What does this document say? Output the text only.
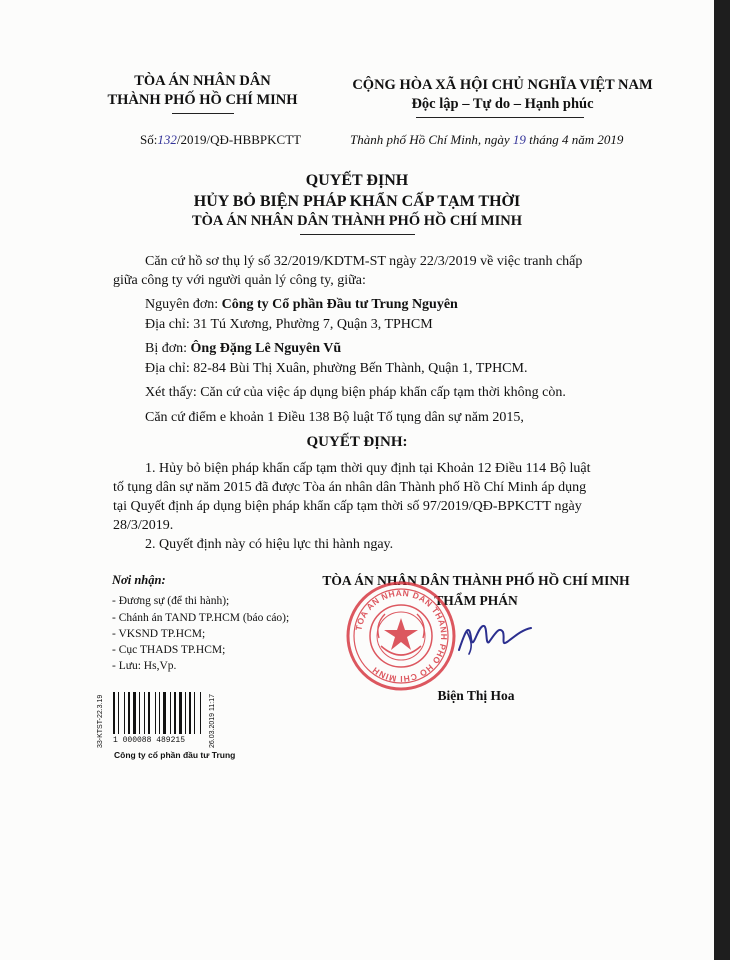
TÒA ÁN NHÂN DÂN
THÀNH PHỐ HỒ CHÍ MINH
CỘNG HÒA XÃ HỘI CHỦ NGHĨA VIỆT NAM
Độc lập – Tự do – Hạnh phúc
Số:132/2019/QĐ-HBBPKCTT	Thành phố Hồ Chí Minh, ngày 19 tháng 4 năm 2019
QUYẾT ĐỊNH
HỦY BỎ BIỆN PHÁP KHẨN CẤP TẠM THỜI
TÒA ÁN NHÂN DÂN THÀNH PHỐ HỒ CHÍ MINH
Căn cứ hồ sơ thụ lý số 32/2019/KDTM-ST ngày 22/3/2019 về việc tranh chấp
giữa công ty với người quản lý công ty, giữa:
Nguyên đơn: Công ty Cổ phần Đầu tư Trung Nguyên
Địa chỉ: 31 Tú Xương, Phường 7, Quận 3, TPHCM
Bị đơn: Ông Đặng Lê Nguyên Vũ
Địa chỉ: 82-84 Bùi Thị Xuân, phường Bến Thành, Quận 1, TPHCM.
Xét thấy: Căn cứ của việc áp dụng biện pháp khẩn cấp tạm thời không còn.
Căn cứ điểm e khoản 1 Điều 138 Bộ luật Tố tụng dân sự năm 2015,
QUYẾT ĐỊNH:
1. Hủy bỏ biện pháp khẩn cấp tạm thời quy định tại Khoản 12 Điều 114 Bộ luật
tố tụng dân sự năm 2015 đã được Tòa án nhân dân Thành phố Hồ Chí Minh áp dụng
tại Quyết định áp dụng biện pháp khẩn cấp tạm thời số 97/2019/QĐ-BPKCTT ngày
28/3/2019.
2. Quyết định này có hiệu lực thi hành ngay.
Nơi nhận:
- Đương sự (để thi hành);
- Chánh án TAND TP.HCM (báo cáo);
- VKSND TP.HCM;
- Cục THADS TP.HCM;
- Lưu: Hs,Vp.
TÒA ÁN NHÂN DÂN THÀNH PHỐ HỒ CHÍ MINH
THẨM PHÁN
TÒA ÁN NHÂN DÂN THÀNH PHỐ HỒ CHÍ MINH
Biện Thị Hoa
33-KTST-22.3.19 1 000088 489215	26.03.2019 11:17
Công ty cổ phần đầu tư Trung
